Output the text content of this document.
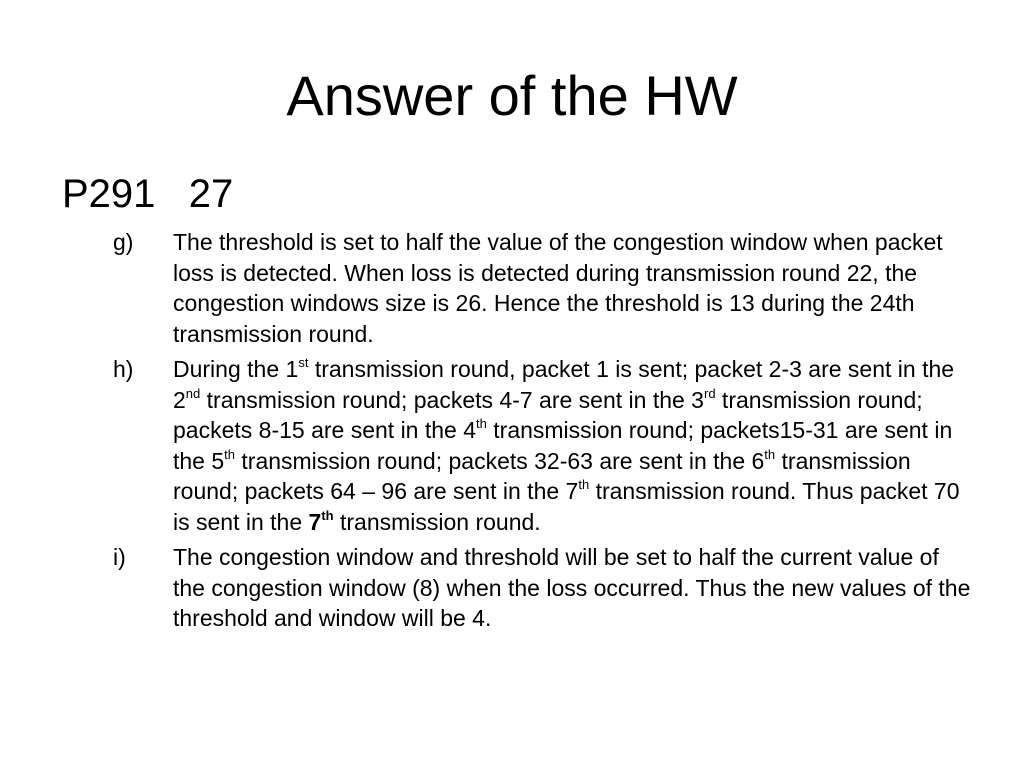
Answer of the HW
P291   27
g)	The threshold is set to half the value of the congestion window when packet loss is detected. When loss is detected during transmission round 22, the congestion windows size is 26. Hence the threshold is 13 during the 24th transmission round.
h)	During the 1st transmission round, packet 1 is sent; packet 2-3 are sent in the 2nd transmission round; packets 4-7 are sent in the 3rd transmission round; packets 8-15 are sent in the 4th transmission round; packets15-31 are sent in the 5th transmission round; packets 32-63 are sent in the 6th transmission round; packets 64 – 96 are sent in the 7th transmission round. Thus packet 70 is sent in the 7th transmission round.
i)	The congestion window and threshold will be set to half the current value of the congestion window (8) when the loss occurred. Thus the new values of the threshold and window will be 4.
